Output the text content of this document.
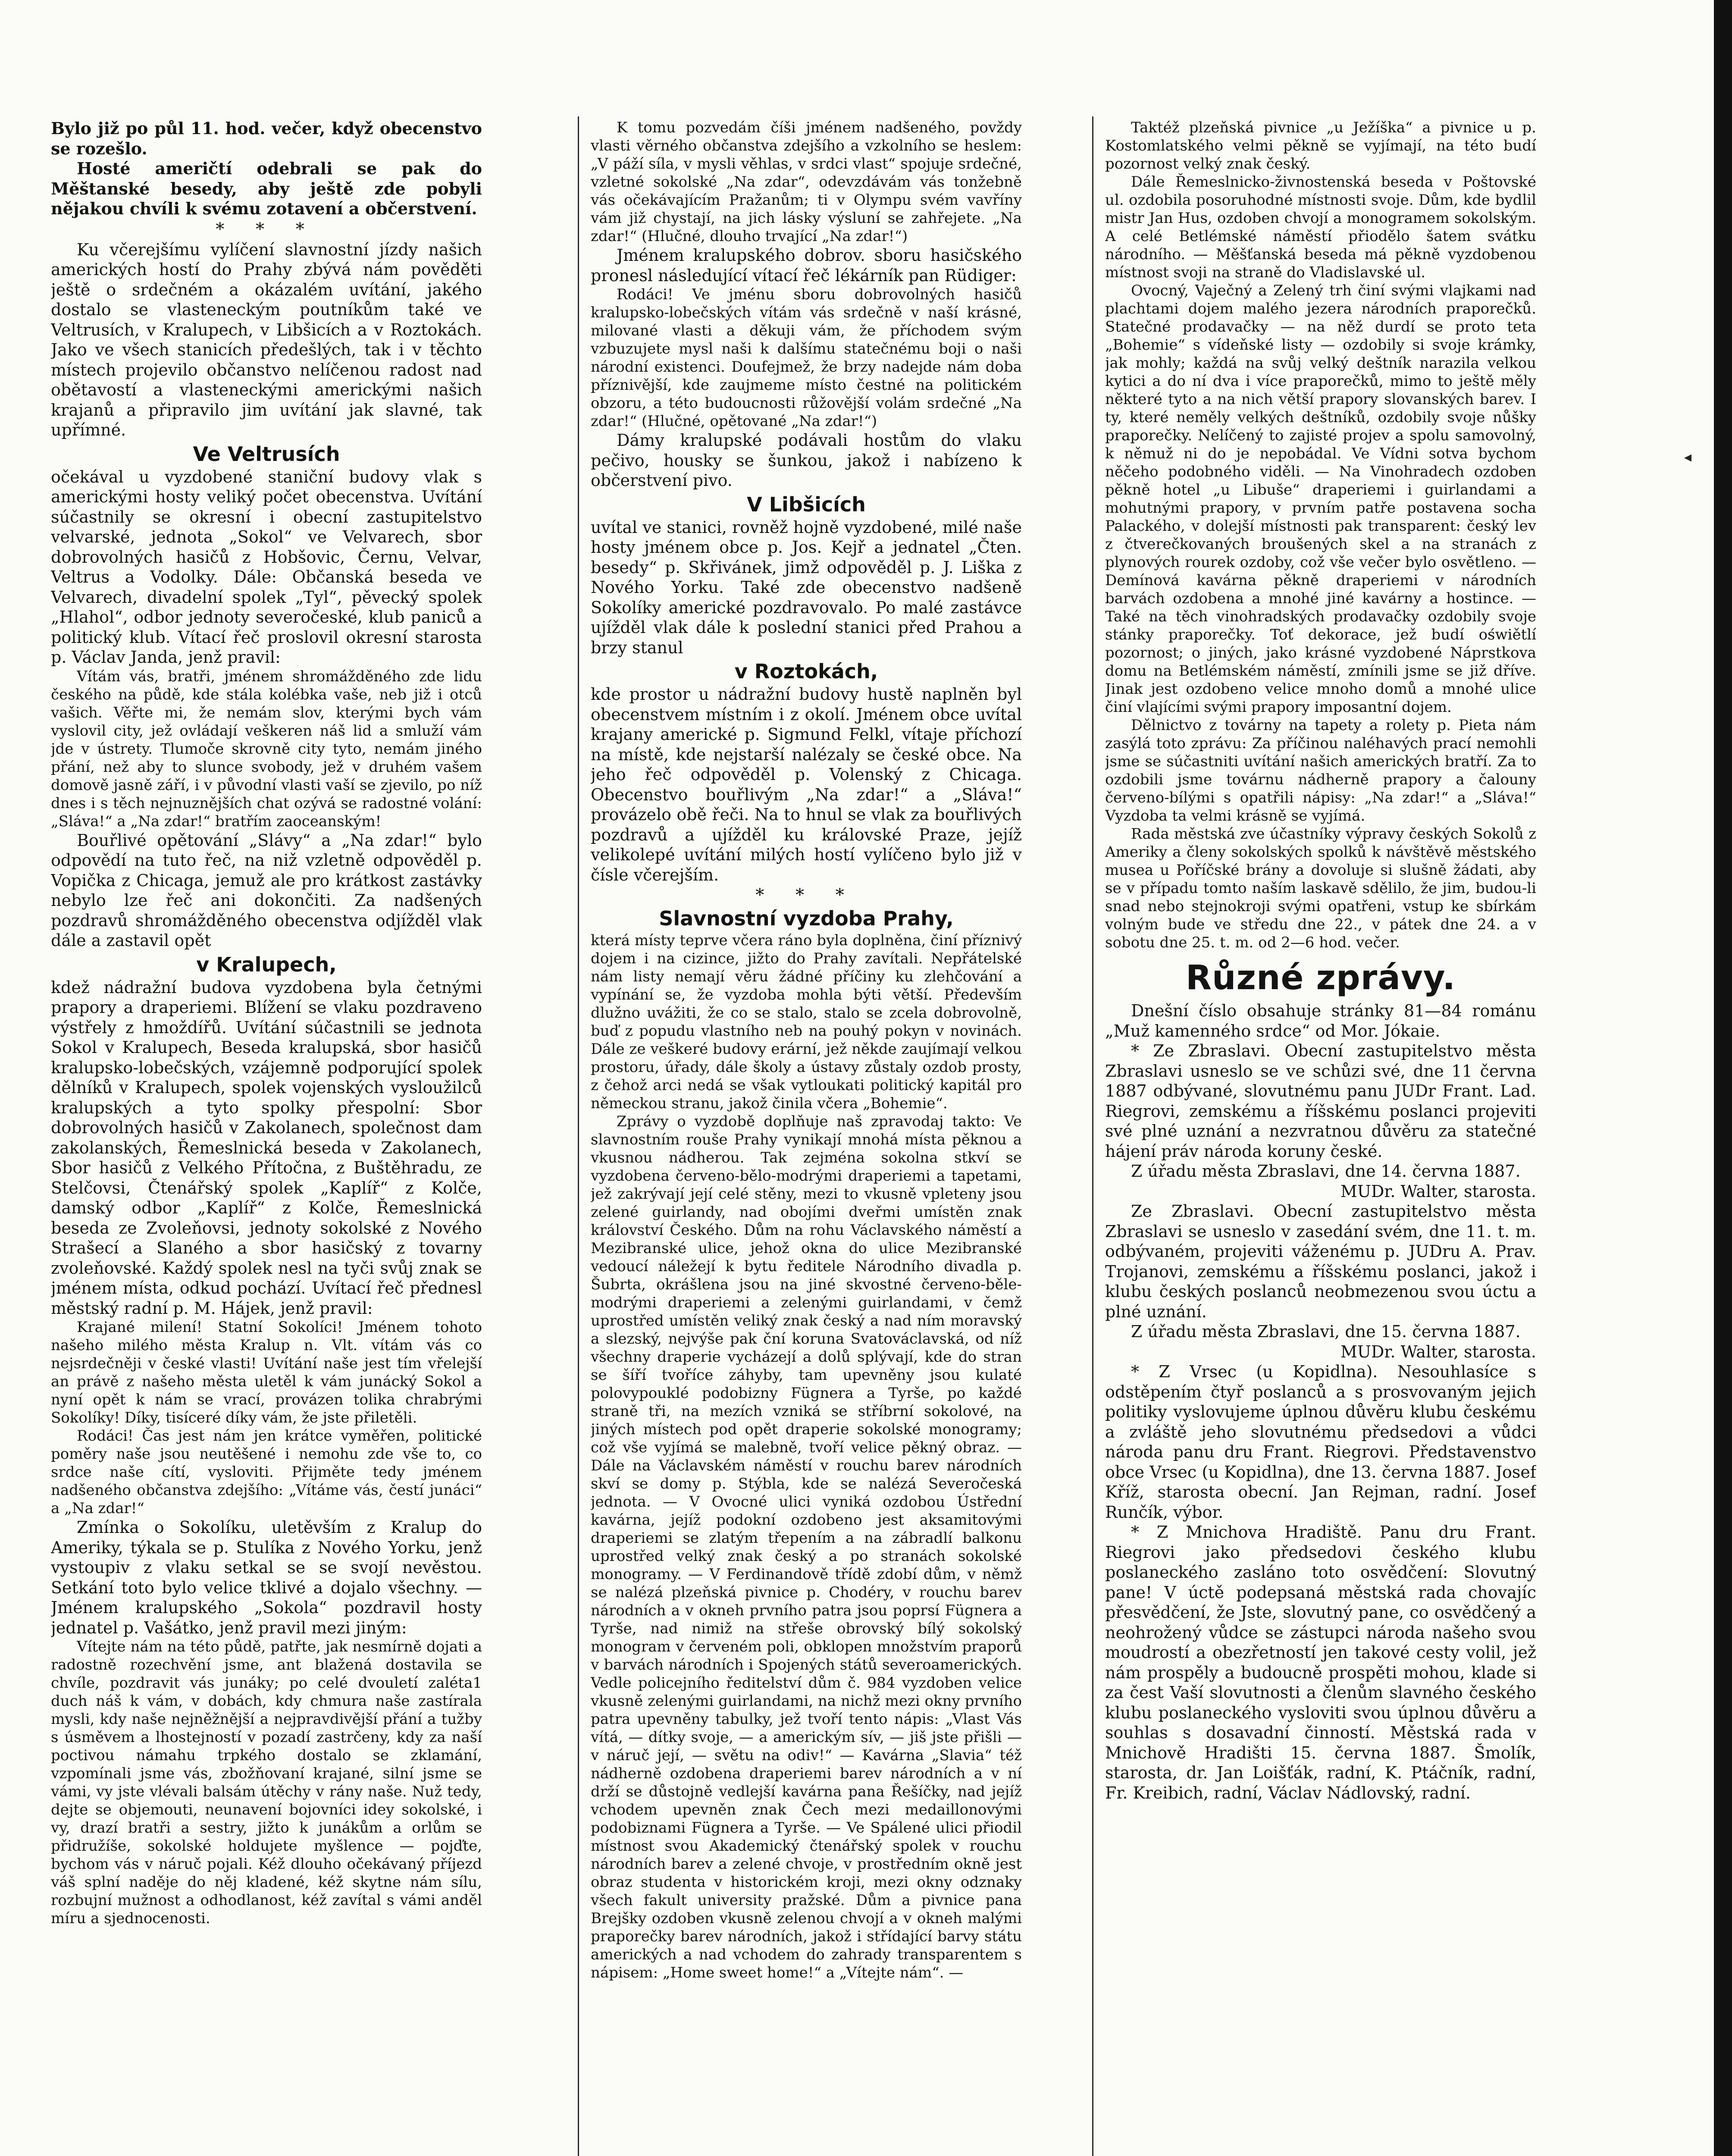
Bylo již po půl 11. hod. večer, když obecenstvo se rozešlo.

Hosté američtí odebrali se pak do Měštanské besedy, aby ještě zde pobyli nějakou chvíli k svému zotavení a občerstvení.

* * *

Ku včerejšímu vylíčení slavnostní jízdy našich amerických hostí do Prahy zbývá nám pověděti ještě o srdečném a okázalém uvítání, jakého dostalo se vlasteneckým poutníkům také ve Veltrusích, v Kralupech, v Libšicích a v Roztokách. Jako ve všech stanicích předešlých, tak i v těchto místech projevilo občanstvo nelíčenou radost nad obětavostí a vlasteneckými americkými našich krajanů a připravilo jim uvítání jak slavné, tak upřímné.

Ve Veltrusích

očekával u vyzdobené staniční budovy vlak s americkými hosty veliký počet obecenstva. Uvítání súčastnily se okresní i obecní zastupitelstvo velvarské, jednota „Sokol“ ve Velvarech, sbor dobrovolných hasičů z Hobšovic, Černu, Velvar, Veltrus a Vodolky. Dále: Občanská beseda ve Velvarech, divadelní spolek „Tyl“, pěvecký spolek „Hlahol“, odbor jednoty severočeské, klub paniců a politický klub. Vítací řeč proslovil okresní starosta p. Václav Janda, jenž pravil:

Vítám vás, bratři, jménem shromážděného zde lidu českého na půdě, kde stála kolébka vaše, neb již i otců vašich. Věřte mi, že nemám slov, kterými bych vám vyslovil city, jež ovládají veškeren náš lid a smluží vám jde v ústrety. Tlumoče skrovně city tyto, nemám jiného přání, než aby to slunce svobody, jež v druhém vašem domově jasně září, i v původní vlasti vaší se zjevilo, po níž dnes i s těch nejnuznějších chat ozývá se radostné volání: „Sláva!“ a „Na zdar!“ bratřím zaoceanským!

Bouřlivé opětování „Slávy“ a „Na zdar!“ bylo odpovědí na tuto řeč, na niž vzletně odpověděl p. Vopička z Chicaga, jemuž ale pro krátkost zastávky nebylo lze řeč ani dokončiti. Za nadšených pozdravů shromážděného obecenstva odjížděl vlak dále a zastavil opět

v Kralupech,

kdež nádražní budova vyzdobena byla četnými prapory a draperiemi. Blížení se vlaku pozdraveno výstřely z hmoždířů. Uvítání súčastnili se jednota Sokol v Kralupech, Beseda kralupská, sbor hasičů kralupsko-lobečských, vzájemně podporující spolek dělníků v Kralupech, spolek vojenských vysloužilců kralupských a tyto spolky přespolní: Sbor dobrovolných hasičů v Zakolanech, společnost dam zakolanských, Řemeslnická beseda v Zakolanech, Sbor hasičů z Velkého Přítočna, z Buštěhradu, ze Stelčovsi, Čtenářský spolek „Kaplíř“ z Kolče, damský odbor „Kaplíř“ z Kolče, Řemeslnická beseda ze Zvoleňovsi, jednoty sokolské z Nového Strašecí a Slaného a sbor hasičský z tovarny zvoleňovské. Každý spolek nesl na tyči svůj znak se jménem místa, odkud pochází. Uvítací řeč přednesl městský radní p. M. Hájek, jenž pravil:

Krajané milení! Statní Sokolíci! Jménem tohoto našeho milého města Kralup n. Vlt. vítám vás co nejsrdečněji v české vlasti! Uvítání naše jest tím vřelejší an právě z našeho města uletěl k vám junácký Sokol a nyní opět k nám se vrací, provázen tolika chrabrými Sokolíky! Díky, tisíceré díky vám, že jste přiletěli.

Rodáci! Čas jest nám jen krátce vyměřen, politické poměry naše jsou neutěšené i nemohu zde vše to, co srdce naše cítí, vysloviti. Přijměte tedy jménem nadšeného občanstva zdejšího: „Vítáme vás, čestí junáci“ a „Na zdar!“

Zmínka o Sokolíku, uletěvším z Kralup do Ameriky, týkala se p. Stulíka z Nového Yorku, jenž vystoupiv z vlaku setkal se se svojí nevěstou. Setkání toto bylo velice tklivé a dojalo všechny. — Jménem kralupského „Sokola“ pozdravil hosty jednatel p. Vašátko, jenž pravil mezi jiným:

Vítejte nám na této půdě, patřte, jak nesmírně dojati a radostně rozechvění jsme, ant blažená dostavila se chvíle, pozdravit vás junáky; po celé dvouletí zaléta1 duch náš k vám, v dobách, kdy chmura naše zastírala mysli, kdy naše nejněžnější a nejpravdivější přání a tužby s úsměvem a lhostejností v pozadí zastrčeny, kdy za naší poctivou námahu trpkého dostalo se zklamání, vzpomínali jsme vás, zbožňovaní krajané, silní jsme se vámi, vy jste vlévali balsám útěchy v rány naše. Nuž tedy, dejte se objemouti, neunavení bojovníci idey sokolské, i vy, drazí bratři a sestry, jižto k junákům a orlům se přidružíše, sokolské holdujete myšlence — pojďte, bychom vás v náruč pojali. Kéž dlouho očekávaný příjezd váš splní naděje do něj kladené, kéž skytne nám sílu, rozbujní mužnost a odhodlanost, kéž zavítal s vámi anděl míru a sjednocenosti.

K tomu pozvedám číši jménem nadšeného, povždy vlasti věrného občanstva zdejšího a vzkolního se heslem: „V páží síla, v mysli věhlas, v srdci vlast“ spojuje srdečné, vzletné sokolské „Na zdar“, odevzdávám vás tonžebně vás očekávajícím Pražanům; ti v Olympu svém vavříny vám již chystají, na jich lásky výsluní se zahřejete. „Na zdar!“ (Hlučné, dlouho trvající „Na zdar!“)

Jménem kralupského dobrov. sboru hasičského pronesl následující vítací řeč lékárník pan Rüdiger:

Rodáci! Ve jménu sboru dobrovolných hasičů kralupsko-lobečských vítám vás srdečně v naší krásné, milované vlasti a děkuji vám, že příchodem svým vzbuzujete mysl naši k dalšímu statečnému boji o naši národní existenci. Doufejmež, že brzy nadejde nám doba příznivější, kde zaujmeme místo čestné na politickém obzoru, a této budoucnosti růžovější volám srdečné „Na zdar!“ (Hlučné, opětované „Na zdar!“)

Dámy kralupské podávali hostům do vlaku pečivo, housky se šunkou, jakož i nabízeno k občerstvení pivo.

V Libšicích

uvítal ve stanici, rovněž hojně vyzdobené, milé naše hosty jménem obce p. Jos. Kejř a jednatel „Čten. besedy“ p. Skřivánek, jimž odpověděl p. J. Liška z Nového Yorku. Také zde obecenstvo nadšeně Sokolíky americké pozdravovalo. Po malé zastávce ujížděl vlak dále k poslední stanici před Prahou a brzy stanul

v Roztokách,

kde prostor u nádražní budovy hustě naplněn byl obecenstvem místním i z okolí. Jménem obce uvítal krajany americké p. Sigmund Felkl, vítaje příchozí na místě, kde nejstarší nalézaly se české obce. Na jeho řeč odpověděl p. Volenský z Chicaga. Obecenstvo bouřlivým „Na zdar!“ a „Sláva!“ provázelo obě řeči. Na to hnul se vlak za bouřlivých pozdravů a ujížděl ku královské Praze, jejíž velikolepé uvítání milých hostí vylíčeno bylo již v čísle včerejším.

* * *
Slavnostní vyzdoba Prahy,

která místy teprve včera ráno byla doplněna, činí příznivý dojem i na cizince, jižto do Prahy zavítali. Nepřátelské nám listy nemají věru žádné příčiny ku zlehčování a vypínání se, že vyzdoba mohla býti větší. Především dlužno uvážiti, že co se stalo, stalo se zcela dobrovolně, buď z popudu vlastního neb na pouhý pokyn v novinách. Dále ze veškeré budovy erární, jež někde zaujímají velkou prostoru, úřady, dále školy a ústavy zůstaly ozdob prosty, z čehož arci nedá se však vytloukati politický kapitál pro německou stranu, jakož činila včera „Bohemie“.

Zprávy o vyzdobě doplňuje naš zpravodaj takto: Ve slavnostním rouše Prahy vynikají mnohá místa pěknou a vkusnou nádherou. Tak zejména sokolna stkví se vyzdobena červeno-bělo-modrými draperiemi a tapetami, jež zakrývají její celé stěny, mezi to vkusně vpleteny jsou zelené guirlandy, nad obojími dveřmi umístěn znak království Českého. Dům na rohu Václavského náměstí a Mezibranské ulice, jehož okna do ulice Mezibranské vedoucí náležejí k bytu ředitele Národního divadla p. Šubrta, okrášlena jsou na jiné skvostné červeno-běle-modrými draperiemi a zelenými guirlandami, v čemž uprostřed umístěn veliký znak český a nad ním moravský a slezský, nejvýše pak ční koruna Svatováclavská, od níž všechny draperie vycházejí a dolů splývají, kde do stran se šíří tvoříce záhyby, tam upevněny jsou kulaté polovypouklé podobizny Fügnera a Tyrše, po každé straně tři, na mezích vzniká se stříbrní sokolové, na jiných místech pod opět draperie sokolské monogramy; což vše vyjímá se malebně, tvoří velice pěkný obraz. — Dále na Václavském náměstí v rouchu barev národních skví se domy p. Stýbla, kde se nalézá Severočeská jednota. — V Ovocné ulici vyniká ozdobou Ústřední kavárna, jejíž podokní ozdobeno jest aksamitovými draperiemi se zlatým třepením a na zábradlí balkonu uprostřed velký znak český a po stranách sokolské monogramy. — V Ferdinandově třídě zdobí dům, v němž se nalézá plzeňská pivnice p. Chodéry, v rouchu barev národních a v okneh prvního patra jsou poprsí Fügnera a Tyrše, nad nimiž na střeše obrovský bílý sokolský monogram v červeném poli, obklopen množstvím praporů v barvách národních i Spojených států severoamerických. Vedle policejního ředitelství dům č. 984 vyzdoben velice vkusně zelenými guirlandami, na nichž mezi okny prvního patra upevněny tabulky, jež tvoří tento nápis: „Vlast Vás vítá, — dítky svoje, — a americkým sív, — jiš jste přišli — v náruč její, — světu na odiv!“ — Kavárna „Slavia“ též nádherně ozdobena draperiemi barev národních a v ní drží se důstojně vedlejší kavárna pana Řešíčky, nad jejíž vchodem upevněn znak Čech mezi medaillonovými podobiznami Fügnera a Tyrše. — Ve Spálené ulici přiodil místnost svou Akademický čtenářský spolek v rouchu národních barev a zelené chvoje, v prostředním okně jest obraz studenta v historickém kroji, mezi okny odznaky všech fakult university pražské. Dům a pivnice pana Brejšky ozdoben vkusně zelenou chvojí a v okneh malými praporečky barev národních, jakož i střídající barvy státu amerických a nad vchodem do zahrady transparentem s nápisem: „Home sweet home!“ a „Vítejte nám“. —

Taktéž plzeňská pivnice „u Ježíška“ a pivnice u p. Kostomlatského velmi pěkně se vyjímají, na této budí pozornost velký znak český.

Dále Řemeslnicko-živnostenská beseda v Poštovské ul. ozdobila posoruhodné místnosti svoje. Dům, kde bydlil mistr Jan Hus, ozdoben chvojí a monogramem sokolským. A celé Betlémské náměstí přiodělo šatem svátku národního. — Měšťanská beseda má pěkně vyzdobenou místnost svoji na straně do Vladislavské ul.

Ovocný, Vaječný a Zelený trh činí svými vlajkami nad plachtami dojem malého jezera národních praporečků. Statečné prodavačky — na něž durdí se proto teta „Bohemie“ s vídeňské listy — ozdobily si svoje krámky, jak mohly; každá na svůj velký deštník narazila velkou kytici a do ní dva i více praporečků, mimo to ještě měly některé tyto a na nich větší prapory slovanských barev. I ty, které neměly velkých deštníků, ozdobily svoje nůšky praporečky. Nelíčený to zajisté projev a spolu samovolný, k němuž ni do je nepobádal. Ve Vídni sotva bychom něčeho podobného viděli. — Na Vinohradech ozdoben pěkně hotel „u Libuše“ draperiemi i guirlandami a mohutnými prapory, v prvním patře postavena socha Palackého, v dolejší místnosti pak transparent: český lev z čtverečkovaných broušených skel a na stranách z plynových rourek ozdoby, což vše večer bylo osvětleno. — Demínová kavárna pěkně draperiemi v národních barvách ozdobena a mnohé jiné kavárny a hostince. — Také na těch vinohradských prodavačky ozdobily svoje stánky praporečky. Toť dekorace, jež budí oświětlí pozornost; o jiných, jako krásné vyzdobené Náprstkova domu na Betlémském náměstí, zmínili jsme se již dříve. Jinak jest ozdobeno velice mnoho domů a mnohé ulice činí vlajícími svými prapory imposantní dojem.

Dělnictvo z továrny na tapety a rolety p. Pieta nám zasýlá toto zprávu: Za příčinou naléhavých prací nemohli jsme se súčastniti uvítání našich amerických bratří. Za to ozdobili jsme továrnu nádherně prapory a čalouny červeno-bílými s opatřili nápisy: „Na zdar!“ a „Sláva!“ Vyzdoba ta velmi krásně se vyjímá.

Rada městská zve účastníky výpravy českých Sokolů z Ameriky a členy sokolských spolků k návštěvě městského musea u Poříčské brány a dovoluje si slušně žádati, aby se v případu tomto naším laskavě sdělilo, že jim, budou-li snad nebo stejnokroji svými opatřeni, vstup ke sbírkám volným bude ve středu dne 22., v pátek dne 24. a v sobotu dne 25. t. m. od 2—6 hod. večer.

Různé zprávy.

Dnešní číslo obsahuje stránky 81—84 románu „Muž kamenného srdce“ od Mor. Jókaie.

* Ze Zbraslavi. Obecní zastupitelstvo města Zbraslavi usneslo se ve schůzi své, dne 11 června 1887 odbývané, slovutnému panu JUDr Frant. Lad. Riegrovi, zemskému a říšskému poslanci projeviti své plné uznání a nezvratnou důvěru za statečné hájení práv národa koruny české.

Z úřadu města Zbraslavi, dne 14. června 1887.

MUDr. Walter, starosta.

Ze Zbraslavi. Obecní zastupitelstvo města Zbraslavi se usneslo v zasedání svém, dne 11. t. m. odbývaném, projeviti váženému p. JUDru A. Prav. Trojanovi, zemskému a říšskému poslanci, jakož i klubu českých poslanců neobmezenou svou úctu a plné uznání.

Z úřadu města Zbraslavi, dne 15. června 1887.

MUDr. Walter, starosta.

* Z Vrsec (u Kopidlna). Nesouhlasíce s odstěpením čtyř poslanců a s prosvovaným jejich politiky vyslovujeme úplnou důvěru klubu českému a zvláště jeho slovutnému předsedovi a vůdci národa panu dru Frant. Riegrovi. Představenstvo obce Vrsec (u Kopidlna), dne 13. června 1887. Josef Kříž, starosta obecní. Jan Rejman, radní. Josef Runčík, výbor.

* Z Mnichova Hradiště. Panu dru Frant. Riegrovi jako předsedovi českého klubu poslaneckého zasláno toto osvědčení: Slovutný pane! V úctě podepsaná městská rada chovajíc přesvědčení, že Jste, slovutný pane, co osvědčený a neohrožený vůdce se zástupci národa našeho svou moudrostí a obezřetností jen takové cesty volil, jež nám prospěly a budoucně prospěti mohou, klade si za čest Vaší slovutnosti a členům slavného českého klubu poslaneckého vysloviti svou úplnou důvěru a souhlas s dosavadní činností. Městská rada v Mnichově Hradišti 15. června 1887. Šmolík, starosta, dr. Jan Loišťák, radní, K. Ptáčník, radní, Fr. Kreibich, radní, Václav Nádlovský, radní.

◂
